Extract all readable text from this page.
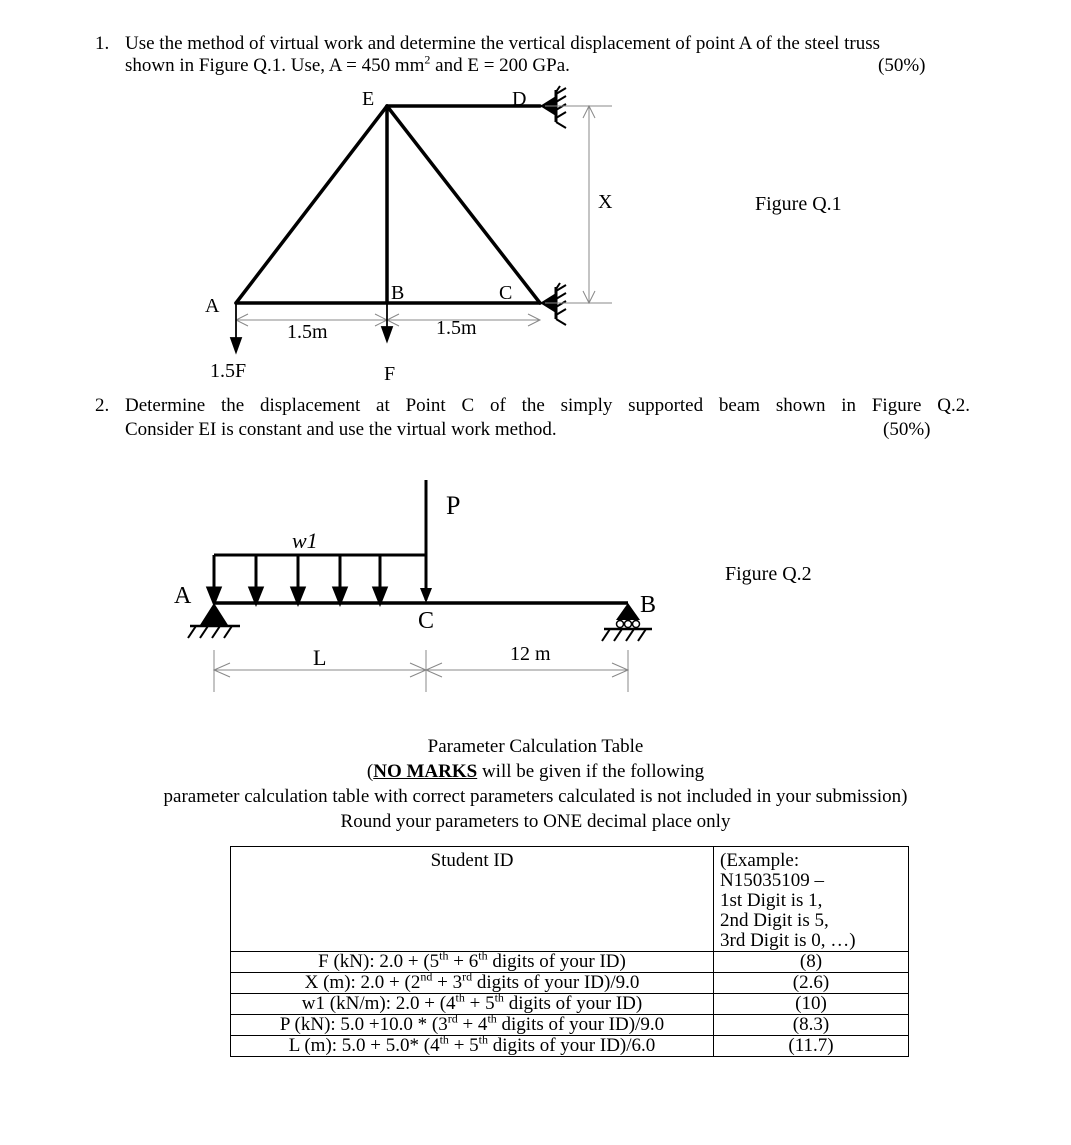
1. Use the method of virtual work and determine the vertical displacement of point A of the steel truss
shown in Figure Q.1. Use, A = 450 $mm^2$ and E = 200 GPa.	(50%)
E	D
A
B	C
X
1.5m	1.5m
1.5F	F
Figure Q.1
2. Determine the displacement at Point C of the simply supported beam shown in Figure Q.2.
Consider EI is constant and use the virtual work method.	(50%)
P
w1
A	B
C
L	12 m
Figure Q.2
Parameter Calculation Table
(NO MARKS will be given if the following
parameter calculation table with correct parameters calculated is not included in your submission)
Round your parameters to ONE decimal place only
Student ID	(Example:
N15035109 –
1st Digit is 1,
2nd Digit is 5,
3rd Digit is 0, …)

F (kN): 2.0 + (5th + 6th digits of your ID)	(8)
X (m): 2.0 + (2nd + 3rd digits of your ID)/9.0	(2.6)
w1 (kN/m): 2.0 + (4th + 5th digits of your ID)	(10)
P (kN): 5.0 +10.0 * (3rd + 4th digits of your ID)/9.0	(8.3)
L (m): 5.0 + 5.0* (4th + 5th digits of your ID)/6.0	(11.7)
